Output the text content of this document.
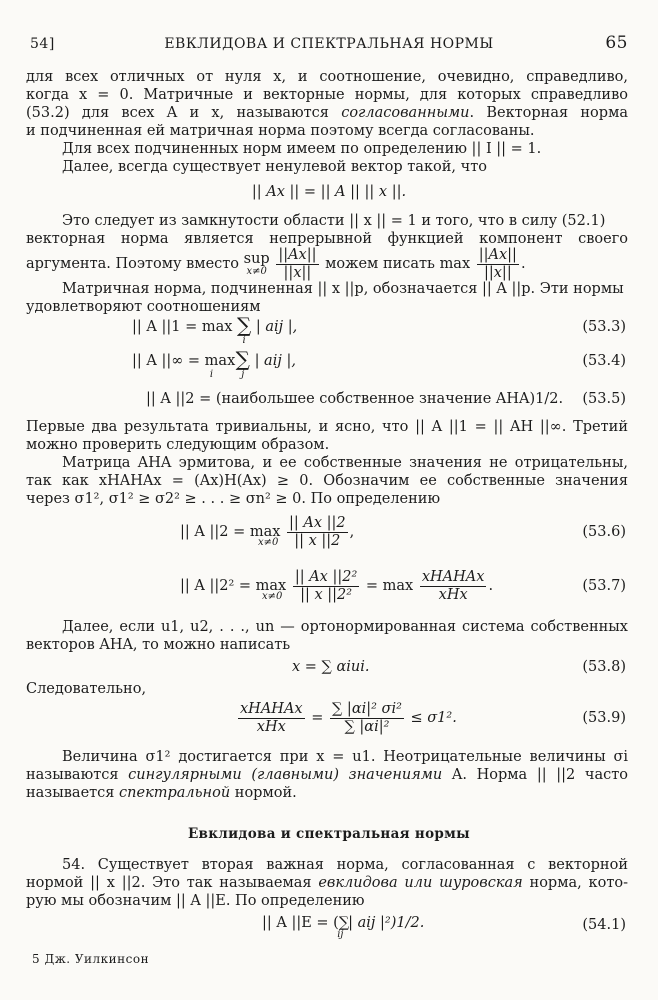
54]	ЕВКЛИДОВА И СПЕКТРАЛЬНАЯ НОРМЫ	65
для всех отличных от нуля x, и соотношение, очевидно, справедливо,
когда x = 0. Матричные и векторные нормы, для которых справедливо
(53.2) для всех A и x, называются согласованными. Векторная норма
и подчиненная ей матричная норма поэтому всегда согласованы.
Для всех подчиненных норм имеем по определению || I || = 1.
Далее, всегда существует ненулевой вектор такой, что
|| Ax || = || A || || x ||.
Это следует из замкнутости области || x || = 1 и того, что в силу (52.1)
векторная норма является непрерывной функцией компонент своего
аргумента. Поэтому вместо sup
x≠0
$\frac{||Ax||}{||x||}$ можем писать $\max \frac{||Ax||}{||x||}$ .
Матричная норма, подчиненная || x ||p, обозначается || A ||p. Эти нормы
удовлетворяют соотношениям
|| A ||1 = max ∑
i
| aij |,	(53.3)
|| A ||∞ = max
i
∑
j
| aij |,	(53.4)
|| A ||2 = (наибольшее собственное значение AHA)1/2. (53.5)
Первые два результата тривиальны, и ясно, что || A ||1 = || AH ||∞. Третий
можно проверить следующим образом.
Матрица AHA эрмитова, и ее собственные значения не отрицательны,
так как xHAHAx = (Ax)H(Ax) ≥ 0. Обозначим ее собственные значения
через σ1², σ1² ≥ σ2² ≥ . . . ≥ σn² ≥ 0. По определению
|| A $||2 = \max \frac{|| Ax ||2}{|| x ||2}$ ,
x≠0
(53.6)
|| A $||2^2 = \max \frac{\text{|| Ax ||2²}}{\text{|| x ||2²}} = \max \frac{\text{xHAHAx}}{\text{xHx}}$ .
x≠0
(53.7)
Далее, если u1, u2, . . ., un — ортонормированная система собственных
векторов AHA, то можно написать
x = ∑ αiui.	(53.8)
Следовательно,
$\frac{\text{xHAHAx}}{\text{xHx}} = \frac{\text{∑ |αi|² σi²}}{\text{∑ |αi|²}} \le \sigma 1^2$.	(53.9)
Величина σ1² достигается при x = u1. Неотрицательные величины σi
называются сингулярными (главными) значениями A. Норма || ||2 часто
называется спектральной нормой.
Евклидова и спектральная нормы
54. Существует вторая важная норма, согласованная с векторной
нормой || x ||2. Это так называемая евклидова или шуровская норма, кото-
рую мы обозначим || A ||E. По определению
|| A ||E = (∑
ij
| aij |²)1/2.	(54.1)
5 Дж. Уилкинсон
